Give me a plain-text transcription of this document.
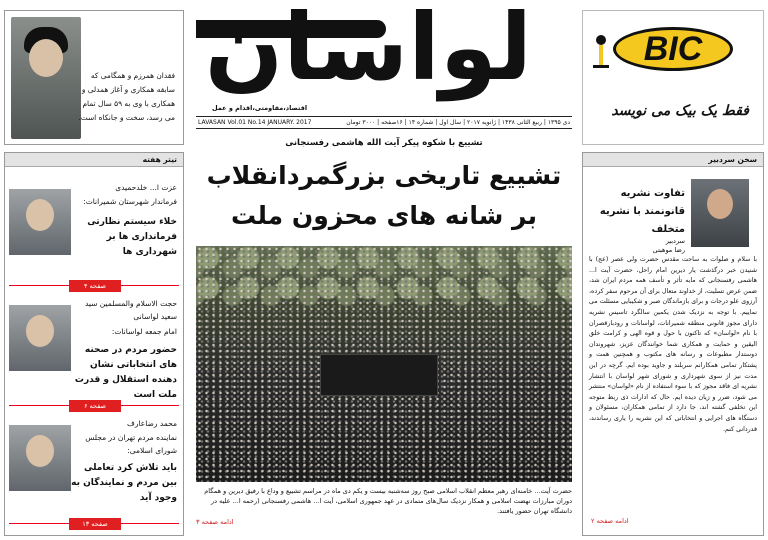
فقدان همرزم و همگامی که سابقه همکاری و آغاز همدلی و همکاری با وی به ۵۹ سال تمام می رسد، سخت و جانکاه است.
لواسان
اقتصاد،مقاومتی،اقدام و عمل
LAVASAN Vol.01 No.14 JANUARY. 2017	دی ۱۳۹۵ | ربیع الثانی ۱۴۳۸ | ژانویه ۲۰۱۷ | سال اول | شماره ۱۴ | ۱۶صفحه | ۳۰۰۰ تومان
BIC
فقط یک بیک می نویسد
تیتر هفته
عزت ا... خلدحمیدی
فرماندار شهرستان شمیرانات:
خلاء سیستم نظارتی فرمانداری ها بر شهرداری ها
صفحه ۴
حجت الاسلام والمسلمین سید سعید لواسانی
امام جمعه لواسانات:
حضور مردم در صحنه های انتخاباتی نشان دهنده استقلال و قدرت ملت است
صفحه ۶
محمد رضاعارف
نماینده مردم تهران در مجلس شورای اسلامی:
باید تلاش کرد تعاملی بین مردم و نمایندگان به وجود آید
صفحه ۱۳
تشییع با شکوه پیکر آیت الله هاشمی رفسنجانی
تشییع تاریخی بزرگمردانقلاب
بر شانه های محزون ملت
حضرت آیت... خامنه‌ای رهبر معظم انقلاب اسلامی صبح روز سه‌شنبه بیست و یکم دی ماه در مراسم تشییع و وداع با رفیق دیرین و همگام دوران مبارزات نهضت اسلامی و همکار نزدیک سال‌های متمادی در عهد جمهوری اسلامی، آیت ا... هاشمی رفسنجانی (رحمه ا... علیه در دانشگاه تهران حضور یافتند.
ادامه صفحه ۳
سخن سردبیر
تفاوت نشریه قانونمند با نشریه متخلف
سردبیر
رضا موهبتی
با سلام و صلوات به ساحت مقدس حضرت ولی عصر (عج) با شنیدن خبر درگذشت یار دیرین امام راحل، حضرت آیت ا... هاشمی رفسنجانی که مایه تأثر و تأسف همه مردم ایران شد، ضمن عرض تسلیت، از خداوند متعال برای آن مرحوم سفر کرده، آرزوی علو درجات و برای بازماندگان صبر و شکیبایی مسئلت می نماییم. با توجه به نزدیک شدن یکمین سالگرد تاسیس نشریه دارای مجوز قانونی منطقه شمیرانات، لواسانات و رودبارقصران با نام «لواسان» که تاکنون با حول و قوه الهی و کرامت خلق الیقین و حمایت و همکاری شما خوانندگان عزیز، شهروندان دوستدار مطبوعات و رسانه های مکتوب و همچنین همت و پشتکار تمامی همکارانم سربلند و جاوید بوده ایم. گرچه در این مدت نیز از سوی شهرداری و شورای شهر لواسان با انتشار نشریه ای فاقد مجوز که با سوء استفاده از نام «لواسان» منتشر می شود، ضرر و زیان دیده ایم. حال که ادارات ذی ربط متوجه این تخلفی گشته اند، جا دارد از تمامی همکاران، مسئولان و دستگاه های اجرایی و انتخاباتی که این نشریه را یاری رساندند، قدردانی کنم.
ادامه صفحه ۲
